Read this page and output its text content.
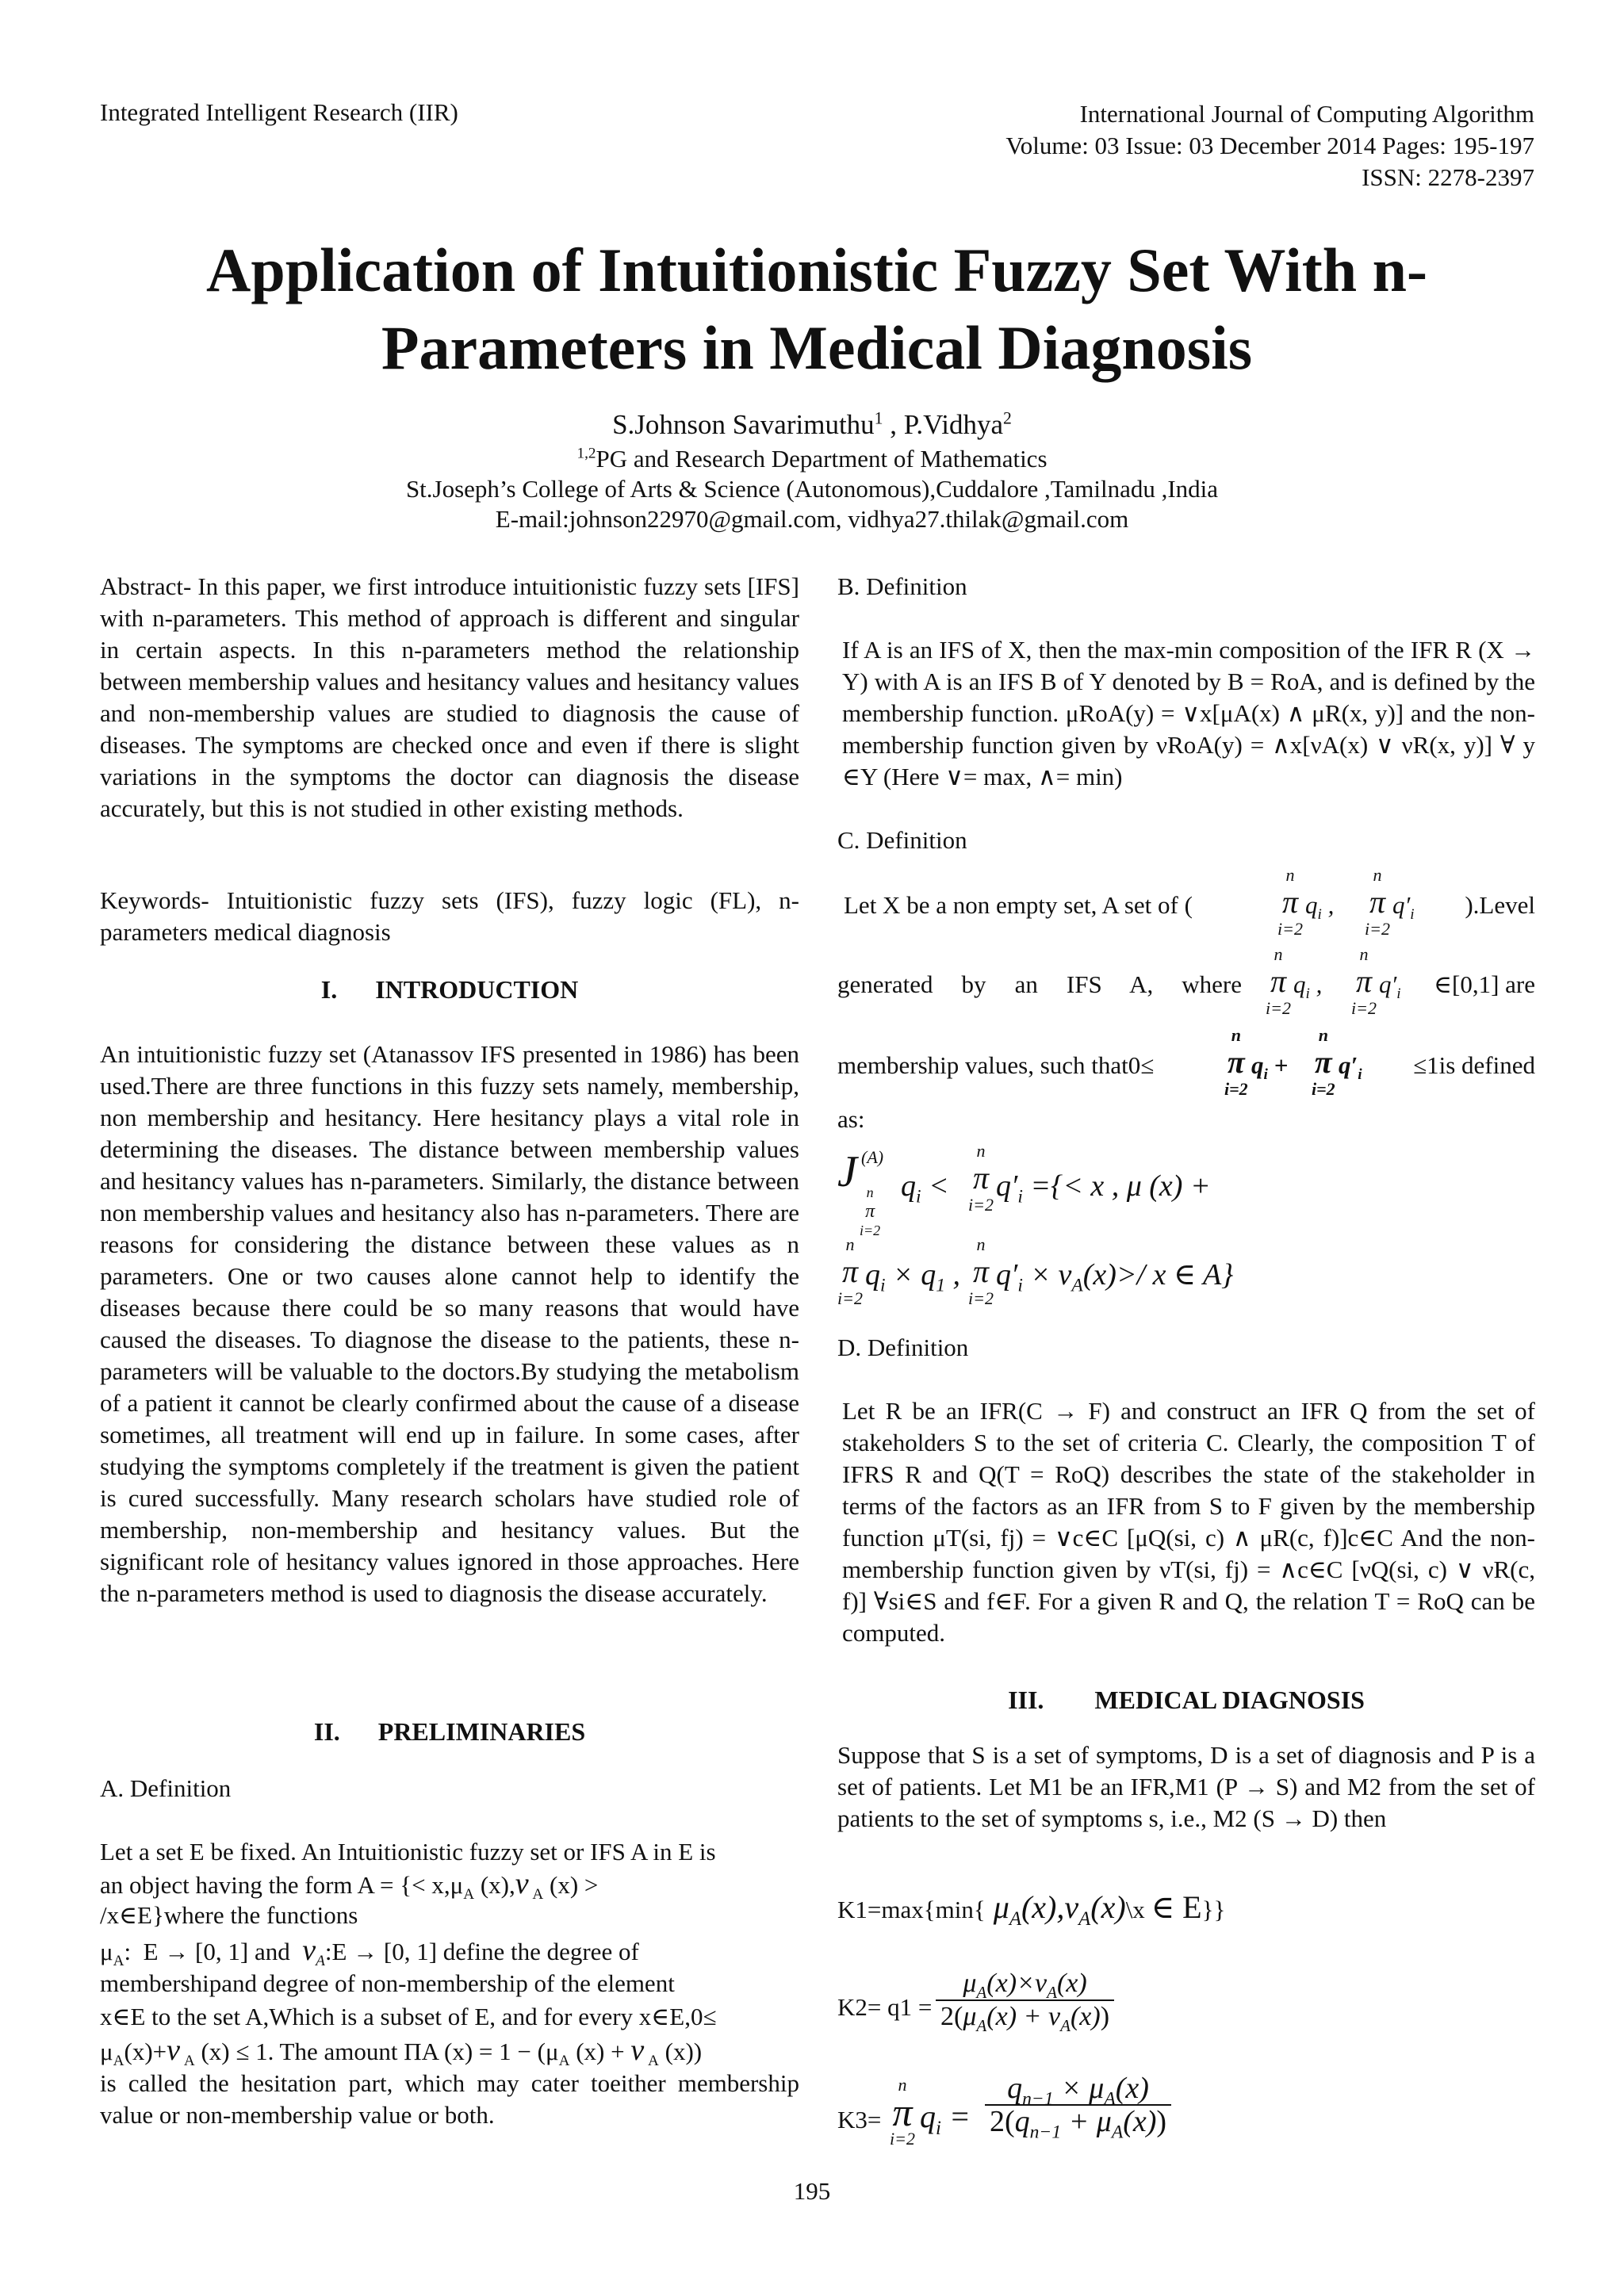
Integrated Intelligent Research (IIR)	International Journal of Computing Algorithm
Volume: 03 Issue: 03 December 2014 Pages: 195-197
ISSN: 2278-2397
Application of Intuitionistic Fuzzy Set With n-
Parameters in Medical Diagnosis
S.Johnson Savarimuthu$^1$ , P.Vidhya$^2$
$^{1,2}$PG and Research Department of Mathematics
St.Joseph’s College of Arts & Science (Autonomous),Cuddalore ,Tamilnadu ,India
E-mail:johnson22970@gmail.com, vidhya27.thilak@gmail.com
Abstract- In this paper, we first introduce intuitionistic fuzzy sets [IFS] with n-parameters. This method of approach is different and singular in certain aspects. In this n-parameters method the relationship between membership values and hesitancy values and hesitancy values and non-membership values are studied to diagnosis the cause of diseases. The symptoms are checked once and even if there is slight variations in the symptoms the doctor can diagnosis the disease accurately, but this is not studied in other existing methods.
Keywords- Intuitionistic fuzzy sets (IFS), fuzzy logic (FL), n-parameters medical diagnosis
I. INTRODUCTION
An intuitionistic fuzzy set (Atanassov IFS presented in 1986) has been used.There are three functions in this fuzzy sets namely, membership, non membership and hesitancy. Here hesitancy plays a vital role in determining the diseases. The distance between membership values and hesitancy values has n-parameters. Similarly, the distance between non membership values and hesitancy also has n-parameters. There are reasons for considering the distance between these values as n parameters. One or two causes alone cannot help to identify the diseases because there could be so many reasons that would have caused the diseases. To diagnose the disease to the patients, these n-parameters will be valuable to the doctors.By studying the metabolism of a patient it cannot be clearly confirmed about the cause of a disease sometimes, all treatment will end up in failure. In some cases, after studying the symptoms completely if the treatment is given the patient is cured successfully. Many research scholars have studied role of membership, non-membership and hesitancy values. But the significant role of hesitancy values ignored in those approaches. Here the n-parameters method is used to diagnosis the disease accurately.
II. PRELIMINARIES
A. Definition
Let a set E be fixed. An Intuitionistic fuzzy set or IFS A in E is
an object having the form A = {< $x,\mu_A$ (x),ν $_A$ (x) >
/x∈E}where the functions
$\mu_A$:  E → [0, 1] and $\nu_A:E \to [0$, 1] define the degree of
membershipand degree of non-membership of the element
x∈E to the set A,Which is a subset of E, and for every x∈E,0≤
$\mu_A(x)+\nu$ $_A$ (x) ≤ 1. The amount ΠA $(x) = 1 - (\mu_A$ (x) + ν $_A$ (x))
is called the hesitation part, which may cater toeither membership value or non-membership value or both.
B. Definition
If A is an IFS of X, then the max-min composition of the IFR R (X → Y) with A is an IFS B of Y denoted by B = RoA, and is defined by the membership function. μRoA(y) = ∨x[μA(x) ∧ μR(x, y)] and the non-membership function given by νRoA(y) = ∧x[νA(x) ∨ νR(x, y)] ∀ y ∈Y (Here ∨= max, ∧= min)
C. Definition
Let X be a non empty set, A set of (
n
π
i=2
$q_i$ ,
n
π
i=2
$q'_i$ ).Level
generated by an IFS A, where
n
π
i=2
$q_i$ ,
n
π
i=2
$q'_i$ ∈[0,1] are
membership values, such that0≤
n
π
i=2
$q_i$ +
n
π
i=2
$q'_i \le 1is$ defined
as:
J (A)
n
π
i=2
$q_i$ <
n
π
i=2
$q'_i$ ={< x , μ (x) +
n
π
i=2
$q_i \times q_1$ ,
n
π
i=2
$q'_i \times \nu_A(x)>/$ x ∈ A}
D. Definition
Let R be an IFR(C → F) and construct an IFR Q from the set of stakeholders S to the set of criteria C. Clearly, the composition T of IFRS R and Q(T = RoQ) describes the state of the stakeholder in terms of the factors as an IFR from S to F given by the membership function μT(si, fj) = ∨c∈C [μQ(si, c) ∧ μR(c, f)]c∈C And the non-membership function given by νT(si, fj) = ∧c∈C [νQ(si, c) ∨ νR(c, f)] ∀si∈S and f∈F. For a given R and Q, the relation T = RoQ can be computed.
III. MEDICAL DIAGNOSIS
Suppose that S is a set of symptoms, D is a set of diagnosis and P is a set of patients. Let M1 be an IFR,M1 (P → S) and M2 from the set of patients to the set of symptoms s, i.e., M2 (S → D) then
K1=max{min{ $\mu_A(x),\nu_A(x)\backslash x$ ∈ E}}
$K2= q1 = \frac{\mu_A(x)\times\nu_A(x)}{2(\mu_A(x) + \nu_A(x))}$
K3=
n
π
i=2
$q_i = \frac{q_{n-1} \times \mu_A(x)}{2(q_{n-1} + \mu_A(x))}$
195
